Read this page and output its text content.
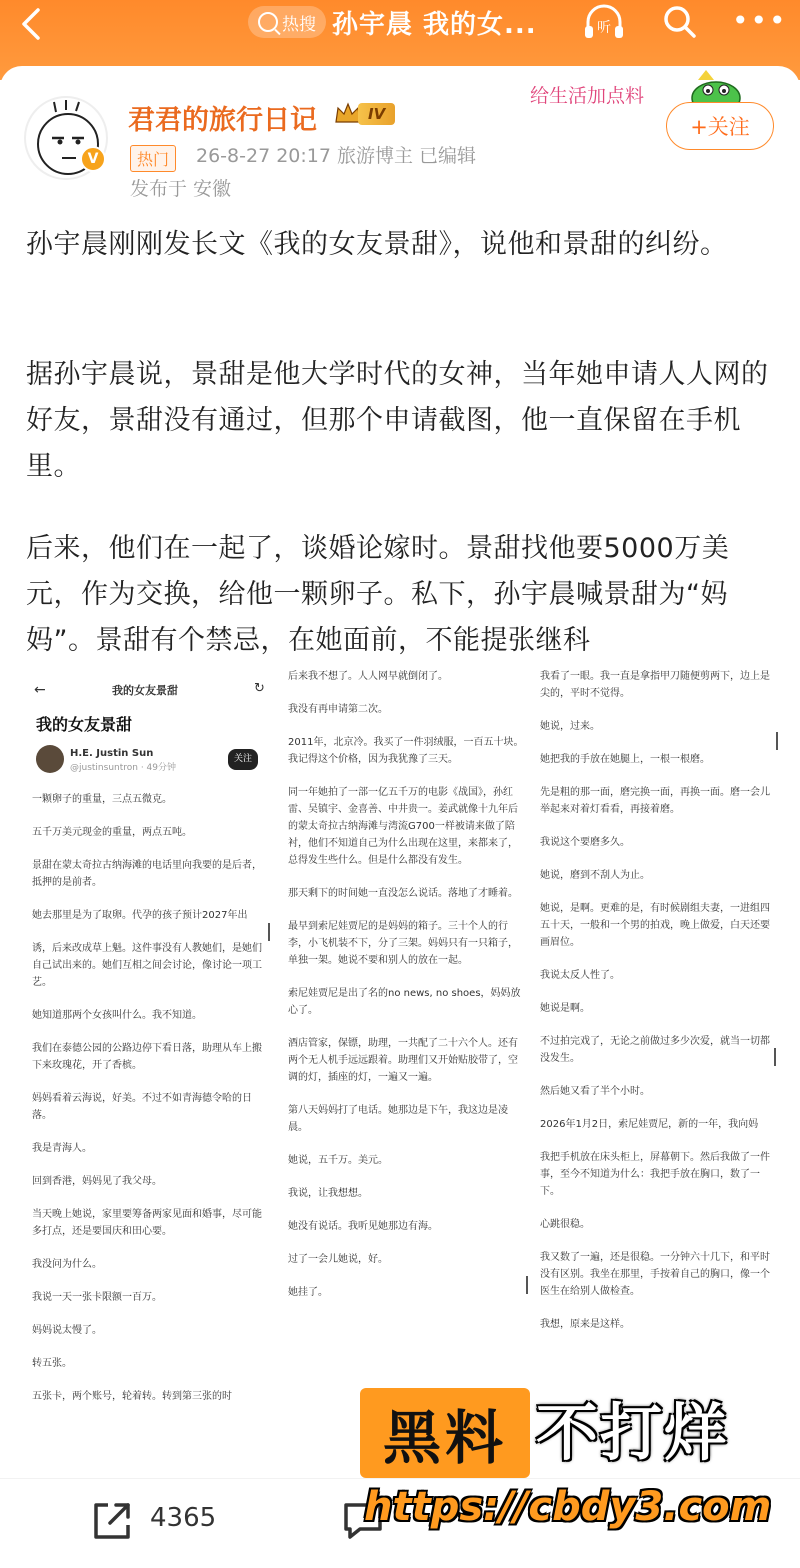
热搜 孙宇晨 我的女...	听	•••
V
君君的旅行日记	IV
热门	26-8-27 20:17 旅游博主 已编辑
发布于 安徽
给生活加点料
+关注
孙宇晨刚刚发长文《我的女友景甜》，说他和景甜的纠纷。
据孙宇晨说，景甜是他大学时代的女神，当年她申请人人网的好友，景甜没有通过，但那个申请截图，他一直保留在手机里。
后来，他们在一起了，谈婚论嫁时。景甜找他要5000万美元，作为交换，给他一颗卵子。私下，孙宇晨喊景甜为“妈妈”。景甜有个禁忌，在她面前，不能提张继科
←	我的女友景甜	↻
我的女友景甜
H.E. Justin Sun
@justinsuntron · 49分钟
关注

一颗卵子的重量，三点五微克。

五千万美元现金的重量，两点五吨。

景甜在蒙太奇拉古纳海滩的电话里向我要的是后者，抵押的是前者。

她去那里是为了取卵。代孕的孩子预计2027年出

诱，后来改成草上魁。这件事没有人教她们，是她们自己试出来的。她们互相之间会讨论，像讨论一项工艺。

她知道那两个女孩叫什么。我不知道。

我们在泰德公园的公路边停下看日落，助理从车上搬下来玫瑰花，开了香槟。

妈妈看着云海说，好美。不过不如青海德令哈的日落。

我是青海人。

回到香港，妈妈见了我父母。

当天晚上她说，家里要筹备两家见面和婚事，尽可能多打点，还是要国庆和田心要。

我没问为什么。

我说一天一张卡限额一百万。

妈妈说太慢了。

转五张。

五张卡，两个账号，轮着转。转到第三张的时

后来我不想了。人人网早就倒闭了。

我没有再申请第二次。

2011年，北京冷。我买了一件羽绒服，一百五十块。我记得这个价格，因为我犹豫了三天。

同一年她拍了一部一亿五千万的电影《战国》，孙红雷、吴镇宇、金喜善、中井贵一。姜武就像十九年后的蒙太奇拉古纳海滩与湾流G700一样被请来做了陪衬，他们不知道自己为什么出现在这里，来都来了，总得发生些什么。但是什么都没有发生。

那天剩下的时间她一直没怎么说话。落地了才睡着。

最早到索尼娃贾尼的是妈妈的箱子。三十个人的行李，小飞机装不下，分了三架。妈妈只有一只箱子，单独一架。她说不要和别人的放在一起。

索尼娃贾尼是出了名的no news, no shoes，妈妈放心了。

酒店管家，保镖，助理，一共配了二十六个人。还有两个无人机手远远跟着。助理们又开始贴胶带了，空调的灯，插座的灯，一遍又一遍。

第八天妈妈打了电话。她那边是下午，我这边是凌晨。

她说，五千万。美元。

我说，让我想想。

她没有说话。我听见她那边有海。

过了一会儿她说，好。

她挂了。

我看了一眼。我一直是拿指甲刀随便剪两下，边上是尖的，平时不觉得。

她说，过来。

她把我的手放在她腿上，一根一根磨。

先是粗的那一面，磨完换一面，再换一面。磨一会儿举起来对着灯看看，再接着磨。

我说这个要磨多久。

她说，磨到不刮人为止。

她说，是啊。更难的是，有时候剧组夫妻，一进组四五十天，一般和一个男的拍戏，晚上做爱，白天还要画眉位。

我说太反人性了。

她说是啊。

不过拍完戏了，无论之前做过多少次爱，就当一切都没发生。

然后她又看了半个小时。

2026年1月2日，索尼娃贾尼，新的一年，我向妈

我把手机放在床头柜上，屏幕朝下。然后我做了一件事，至今不知道为什么：我把手放在胸口，数了一下。

心跳很稳。

我又数了一遍，还是很稳。一分钟六十几下，和平时没有区别。我坐在那里，手按着自己的胸口，像一个医生在给别人做检查。

我想，原来是这样。

黑料 不打烊
4365	https://cbdy3.com
